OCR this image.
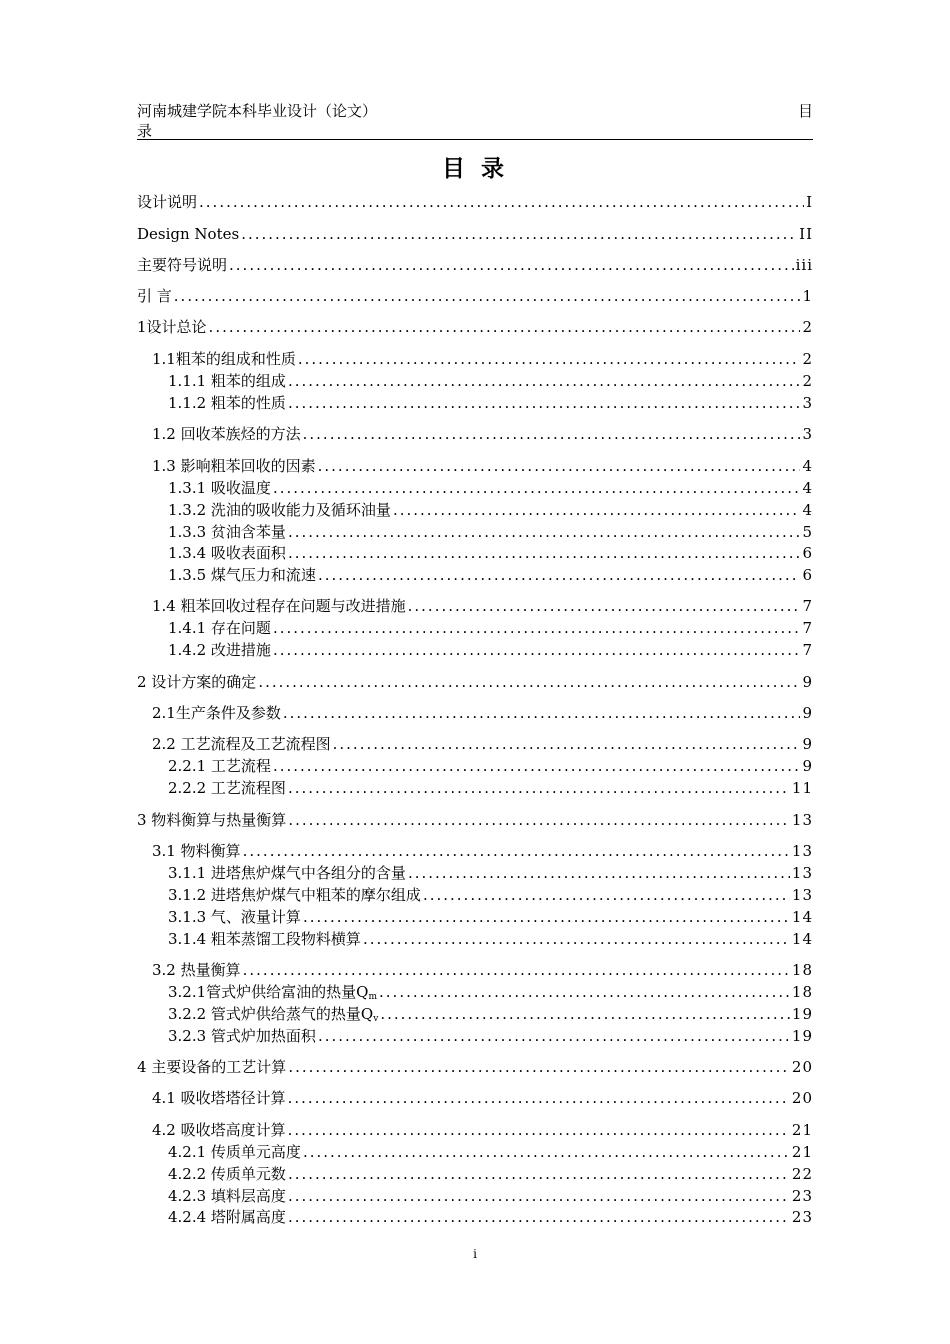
河南城建学院本科毕业设计（论文）	目
录
目 录
设计说明 .....	I
Design Notes .....	II
主要符号说明 .....	iii
引 言 .....	1
1设计总论 .....	2
1.1粗苯的组成和性质 .....	2
1.1.1 粗苯的组成 .....	2
1.1.2 粗苯的性质 .....	3
1.2 回收苯族烃的方法 .....	3
1.3 影响粗苯回收的因素 .....	4
1.3.1 吸收温度 .....	4
1.3.2 洗油的吸收能力及循环油量 .....	4
1.3.3 贫油含苯量 .....	5
1.3.4 吸收表面积 .....	6
1.3.5 煤气压力和流速 .....	6
1.4 粗苯回收过程存在问题与改进措施 .....	7
1.4.1 存在问题 .....	7
1.4.2 改进措施 .....	7
2 设计方案的确定 .....	9
2.1生产条件及参数 .....	9
2.2 工艺流程及工艺流程图 .....	9
2.2.1 工艺流程 .....	9
2.2.2 工艺流程图 .....	11
3 物料衡算与热量衡算 .....	13
3.1 物料衡算 .....	13
3.1.1 进塔焦炉煤气中各组分的含量 .....	13
3.1.2 进塔焦炉煤气中粗苯的摩尔组成 .....	13
3.1.3 气、液量计算 .....	14
3.1.4 粗苯蒸馏工段物料横算 .....	14
3.2 热量衡算 .....	18
3.2.1管式炉供给富油的热量$Q_m$ .....	18
3.2.2 管式炉供给蒸气的热量$Q_v$ .....	19
3.2.3 管式炉加热面积 .....	19
4 主要设备的工艺计算 .....	20
4.1 吸收塔塔径计算 .....	20
4.2 吸收塔高度计算 .....	21
4.2.1 传质单元高度 .....	21
4.2.2 传质单元数 .....	22
4.2.3 填料层高度 .....	23
4.2.4 塔附属高度 .....	23
i
